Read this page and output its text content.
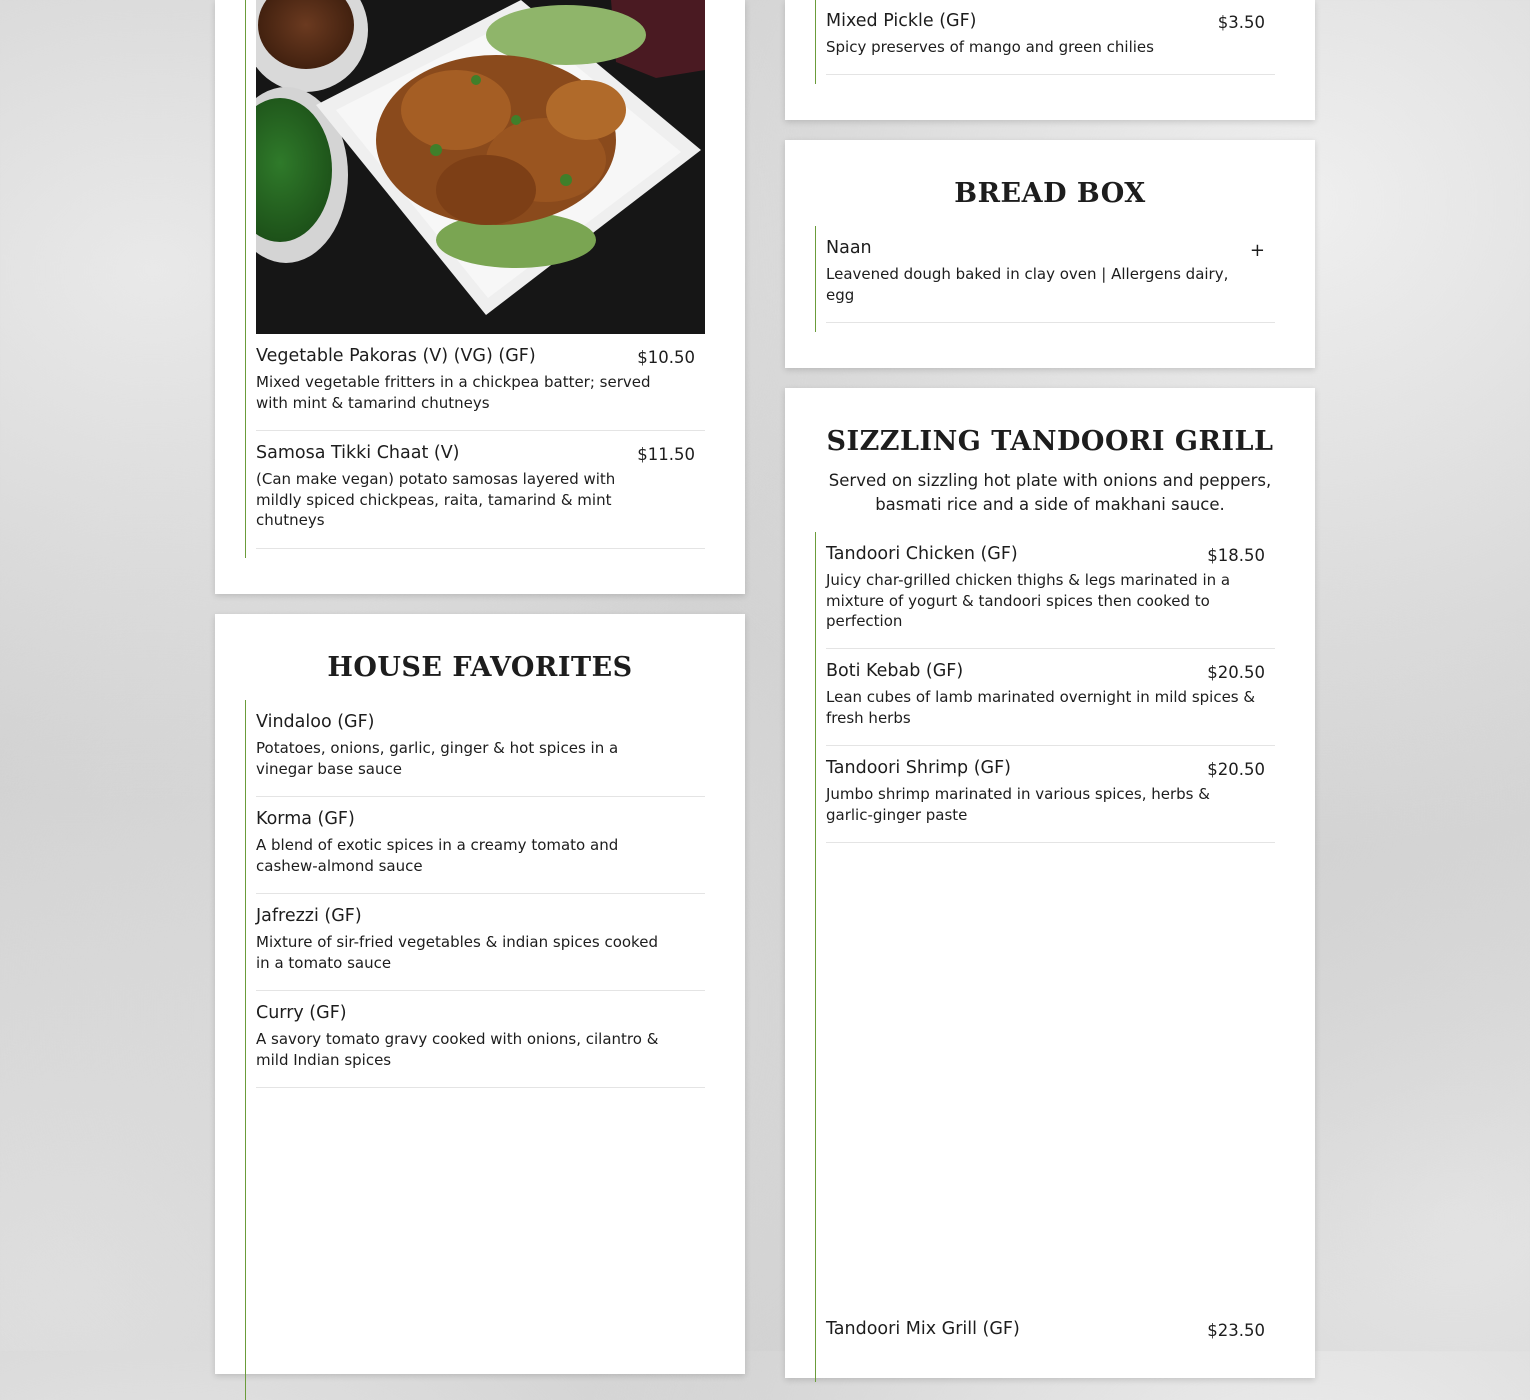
Vegetable Pakoras (V) (VG) (GF)	$10.50
Mixed vegetable fritters in a chickpea batter; served with mint & tamarind chutneys
Samosa Tikki Chaat (V)	$11.50
(Can make vegan) potato samosas layered with mildly spiced chickpeas, raita, tamarind & mint chutneys
HOUSE FAVORITES
Vindaloo (GF)
Potatoes, onions, garlic, ginger & hot spices in a vinegar base sauce
Korma (GF)
A blend of exotic spices in a creamy tomato and cashew-almond sauce
Jafrezzi (GF)
Mixture of sir-fried vegetables & indian spices cooked in a tomato sauce
Curry (GF)
A savory tomato gravy cooked with onions, cilantro & mild Indian spices
Mixed Pickle (GF)	$3.50
Spicy preserves of mango and green chilies
BREAD BOX
Naan	+
Leavened dough baked in clay oven | Allergens dairy, egg
SIZZLING TANDOORI GRILL

Served on sizzling hot plate with onions and peppers, basmati rice and a side of makhani sauce.

Tandoori Chicken (GF)	$18.50
Juicy char-grilled chicken thighs & legs marinated in a mixture of yogurt & tandoori spices then cooked to perfection
Boti Kebab (GF)	$20.50
Lean cubes of lamb marinated overnight in mild spices & fresh herbs
Tandoori Shrimp (GF)	$20.50
Jumbo shrimp marinated in various spices, herbs & garlic-ginger paste
Tandoori Mix Grill (GF)	$23.50
